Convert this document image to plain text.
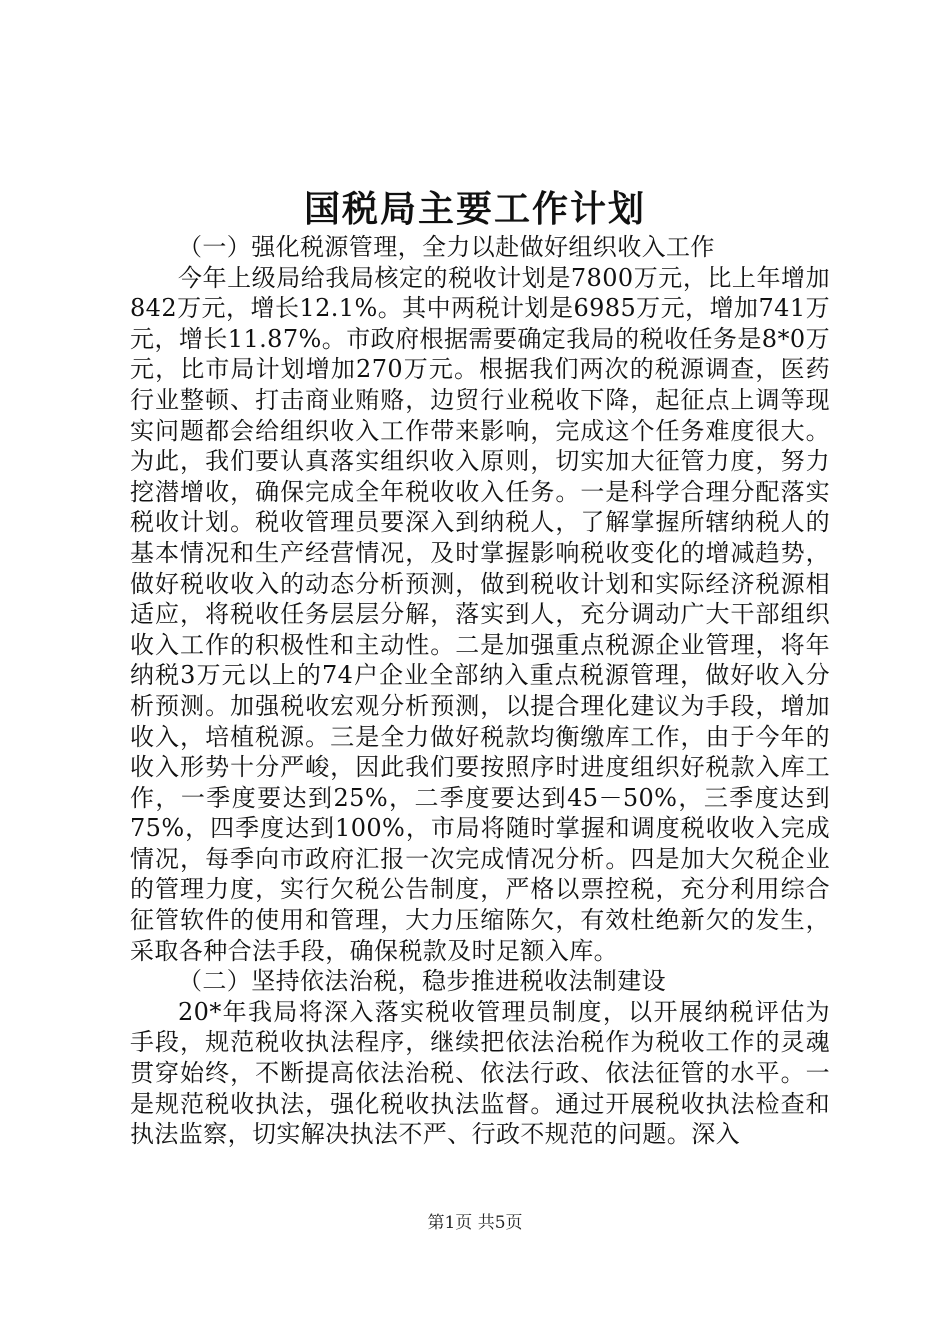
国税局主要工作计划

（一）强化税源管理，全力以赴做好组织收入工作

今年上级局给我局核定的税收计划是7800万元，比上年增加842万元，增长12.1%。其中两税计划是6985万元，增加741万元，增长11.87%。市政府根据需要确定我局的税收任务是8*0万元，比市局计划增加270万元。根据我们两次的税源调查，医药行业整顿、打击商业贿赂，边贸行业税收下降，起征点上调等现实问题都会给组织收入工作带来影响，完成这个任务难度很大。为此，我们要认真落实组织收入原则，切实加大征管力度，努力挖潜增收，确保完成全年税收收入任务。一是科学合理分配落实税收计划。税收管理员要深入到纳税人，了解掌握所辖纳税人的基本情况和生产经营情况，及时掌握影响税收变化的增减趋势，做好税收收入的动态分析预测，做到税收计划和实际经济税源相适应，将税收任务层层分解，落实到人，充分调动广大干部组织收入工作的积极性和主动性。二是加强重点税源企业管理，将年纳税3万元以上的74户企业全部纳入重点税源管理，做好收入分析预测。加强税收宏观分析预测，以提合理化建议为手段，增加收入，培植税源。三是全力做好税款均衡缴库工作，由于今年的收入形势十分严峻，因此我们要按照序时进度组织好税款入库工作，一季度要达到25%，二季度要达到45－50%，三季度达到75%，四季度达到100%，市局将随时掌握和调度税收收入完成情况，每季向市政府汇报一次完成情况分析。四是加大欠税企业的管理力度，实行欠税公告制度，严格以票控税，充分利用综合征管软件的使用和管理，大力压缩陈欠，有效杜绝新欠的发生，采取各种合法手段，确保税款及时足额入库。

（二）坚持依法治税，稳步推进税收法制建设

20*年我局将深入落实税收管理员制度，以开展纳税评估为手段，规范税收执法程序，继续把依法治税作为税收工作的灵魂贯穿始终，不断提高依法治税、依法行政、依法征管的水平。一是规范税收执法，强化税收执法监督。通过开展税收执法检查和执法监察，切实解决执法不严、行政不规范的问题。深入

第1页 共5页
